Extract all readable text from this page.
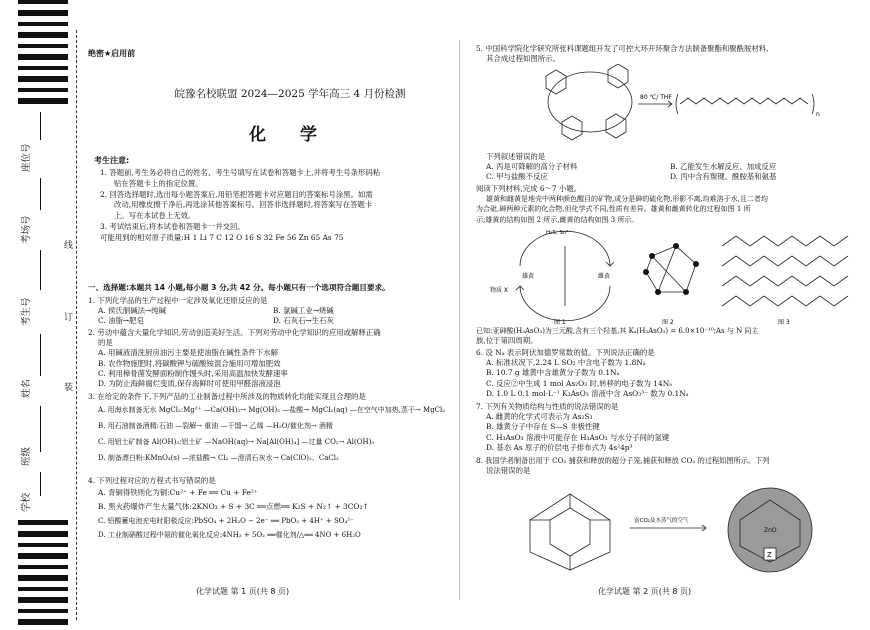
座位号
考场号
考生号
姓名
班级
学校
线
订
装
绝密★启用前
皖豫名校联盟 2024—2025 学年高三 4 月份检测
化 学
考生注意:

1. 答题前,考生务必将自己的姓名、考生号填写在试卷和答题卡上,并将考生号条形码粘

贴在答题卡上的指定位置。

2. 回答选择题时,选出每小题答案后,用铅笔把答题卡对应题目的答案标号涂黑。如需

改动,用橡皮擦干净后,再选涂其他答案标号。回答非选择题时,将答案写在答题卡

上。写在本试卷上无效。

3. 考试结束后,将本试卷和答题卡一并交回。

可能用到的相对原子质量:H 1 Li 7 C 12 O 16 S 32 Fe 56 Zn 65 As 75

一、选择题:本题共 14 小题,每小题 3 分,共 42 分。每小题只有一个选项符合题目要求。

1. 下列化学品的生产过程中一定涉及氧化还原反应的是

A. 侯氏制碱法→纯碱	B. 氯碱工业→烧碱
C. 油脂→肥皂	D. 石灰石→生石灰

2. 劳动中蕴含大量化学知识,劳动创造美好生活。下列对劳动中化学知识的应用或解释正确

的是

A. 用碱液清洗厨房油污主要是使油脂在碱性条件下水解

B. 农作物施肥时,将碳酸钾与硫酸铵混合施用可增加肥效

C. 利用樟骨菌发酵面粉制作馒头时,采用高温加快发酵速率

D. 为防止海鲜腐烂变质,保存海鲜时可使用甲醛溶液浸泡

3. 在给定的条件下,下列产品的工业制备过程中所涉及的物质转化均能实现且合理的是

A. 用海水制备无水 MgCl₂:Mg²⁺ —Ca(OH)₂→ Mg(OH)₂ —盐酸→ MgCl₂(aq) —在空气中加热,蒸干→ MgCl₂

B. 用石油制备酒精:石油 —裂解→ 重油 —干馏→ 乙烯 —H₂O/催化剂→ 酒精

C. 用铝土矿制备 Al(OH)₃:铝土矿 —NaOH(aq)→ Na[Al(OH)₄] —过量 CO₂→ Al(OH)₃

D. 制备漂白粉:KMnO₄(s) —浓盐酸→ Cl₂ —澄清石灰水→ Ca(ClO)₂、CaCl₂

4. 下列过程对应的方程式书写错误的是

A. 青铜得铁则化为铜:Cu²⁺ + Fe ══ Cu + Fe²⁺

B. 黑火药爆炸产生大量气体:2KNO₃ + S + 3C ══点燃══ K₂S + N₂↑ + 3CO₂↑

C. 铅酸蓄电池充电时阳极反应:PbSO₄ + 2H₂O − 2e⁻ ══ PbO₂ + 4H⁺ + SO₄²⁻

D. 工业制硝酸过程中氨的催化氧化反应:4NH₃ + 5O₂ ══催化剂/△══ 4NO + 6H₂O

化学试题 第 1 页(共 8 页)

5. 中国科学院化学研究所张科课题组开发了可控大环开环聚合方法制备聚酯和聚酰胺材料,

其合成过程如图所示。

80 ℃/ THF
n

下列叙述错误的是

A. 丙是可降解的高分子材料	B. 乙能发生水解反应、加成反应
C. 甲与盐酸不反应	D. 丙中含有羰键、酰胺基和氨基

阅读下列材料,完成 6～7 小题。

雄黄和雌黄是地壳中两种颜色醒目的矿物,成分是砷的硫化物,形影不离,均难溶于水,且二者均

为合砒,砷两种元素的化合物,但化学式不同,性质有差异。雄黄和雌黄转化的过程如图 1 所

示;雄黄的结构如图 2 所示,雌黄的结构如图 3 所示。

H₂S, Sn²⁺
雄黄	雌黄
物质 X
图 1	图 2	图 3

已知:亚砷酸(H₃AsO₃)为三元酸,含有三个羟基,其 Kₐ(H₃AsO₃) = 6.0×10⁻¹⁰;As 与 N 同主

族,位于第四周期。

6. 设 Nₐ 表示阿伏加德罗常数的值。下列说法正确的是

A. 标准状况下,2.24 L SO₂ 中含电子数为 1.8Nₐ

B. 10.7 g 雄黄中含雄黄分子数为 0.1Nₐ

C. 反应②中生成 1 mol As₂O₃ 时,转移的电子数为 14Nₐ

D. 1.0 L 0.1 mol·L⁻¹ K₃AsO₃ 溶液中含 AsO₃³⁻ 数为 0.1Nₐ

7. 下列有关物质结构与性质的说法错误的是

A. 雌黄的化学式可表示为 As₂S₃

B. 雄黄分子中存在 S—S 非极性键

C. H₃AsO₃ 溶液中可能存在 H₃AsO₃ 与水分子间的氢键

D. 基态 As 原子的价层电子排布式为 4s²4p³

8. 我国学者制备出用于 CO₂ 捕获和释放的超分子笼,捕获和释放 CO₂ 的过程如图所示。下列

说法错误的是

富CO₂及水蒸气的空气
ZnO
Z
化学试题 第 2 页(共 8 页)
